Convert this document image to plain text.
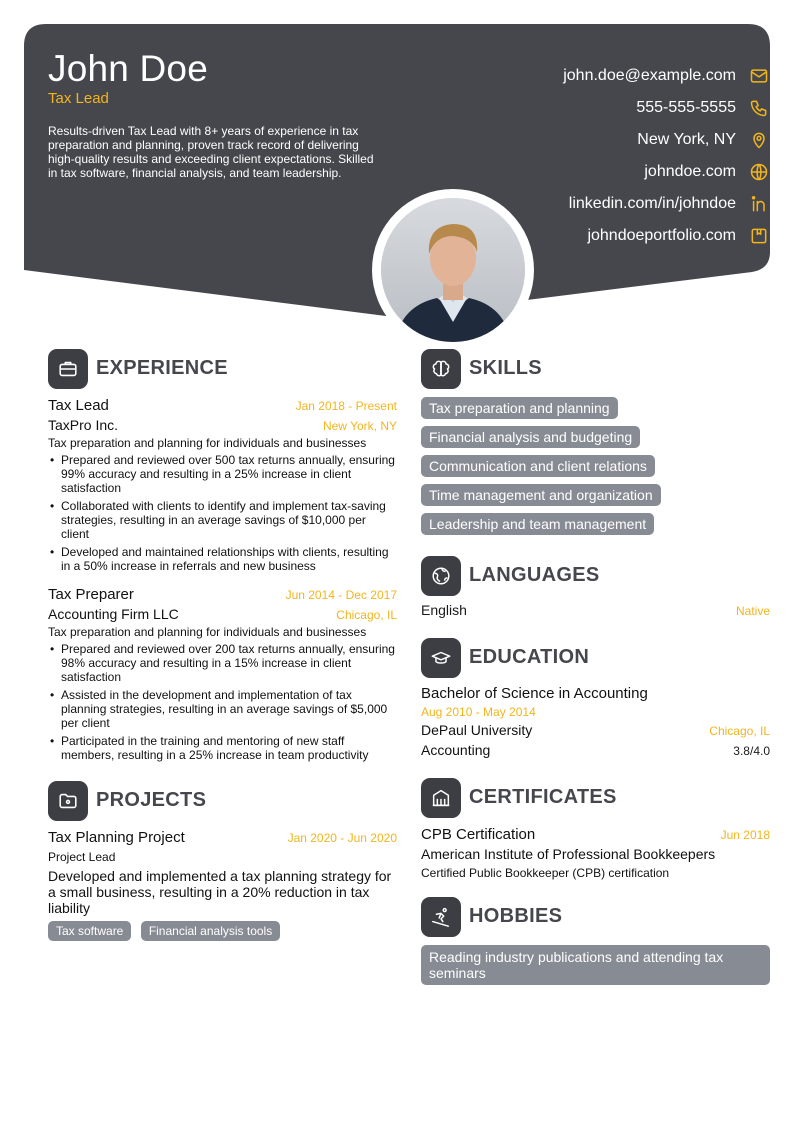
John Doe
Tax Lead
Results-driven Tax Lead with 8+ years of experience in tax preparation and planning, proven track record of delivering high-quality results and exceeding client expectations. Skilled in tax software, financial analysis, and team leadership.
john.doe@example.com
555-555-5555
New York, NY
johndoe.com
linkedin.com/in/johndoe
johndoeportfolio.com
EXPERIENCE
Tax Lead	Jan 2018 - Present
TaxPro Inc.	New York, NY
Tax preparation and planning for individuals and businesses
• Prepared and reviewed over 500 tax returns annually, ensuring 99% accuracy and resulting in a 25% increase in client satisfaction
• Collaborated with clients to identify and implement tax-saving strategies, resulting in an average savings of $10,000 per client
• Developed and maintained relationships with clients, resulting in a 50% increase in referrals and new business
Tax Preparer	Jun 2014 - Dec 2017
Accounting Firm LLC	Chicago, IL
Tax preparation and planning for individuals and businesses
• Prepared and reviewed over 200 tax returns annually, ensuring 98% accuracy and resulting in a 15% increase in client satisfaction
• Assisted in the development and implementation of tax planning strategies, resulting in an average savings of $5,000 per client
• Participated in the training and mentoring of new staff members, resulting in a 25% increase in team productivity
PROJECTS
Tax Planning Project	Jan 2020 - Jun 2020
Project Lead
Developed and implemented a tax planning strategy for a small business, resulting in a 20% reduction in tax liability
Tax software Financial analysis tools
SKILLS
Tax preparation and planning
Financial analysis and budgeting
Communication and client relations
Time management and organization
Leadership and team management
LANGUAGES
English	Native
EDUCATION
Bachelor of Science in Accounting
Aug 2010 - May 2014
DePaul University	Chicago, IL
Accounting	3.8/4.0
CERTIFICATES
CPB Certification	Jun 2018
American Institute of Professional Bookkeepers
Certified Public Bookkeeper (CPB) certification
HOBBIES
Reading industry publications and attending tax seminars
